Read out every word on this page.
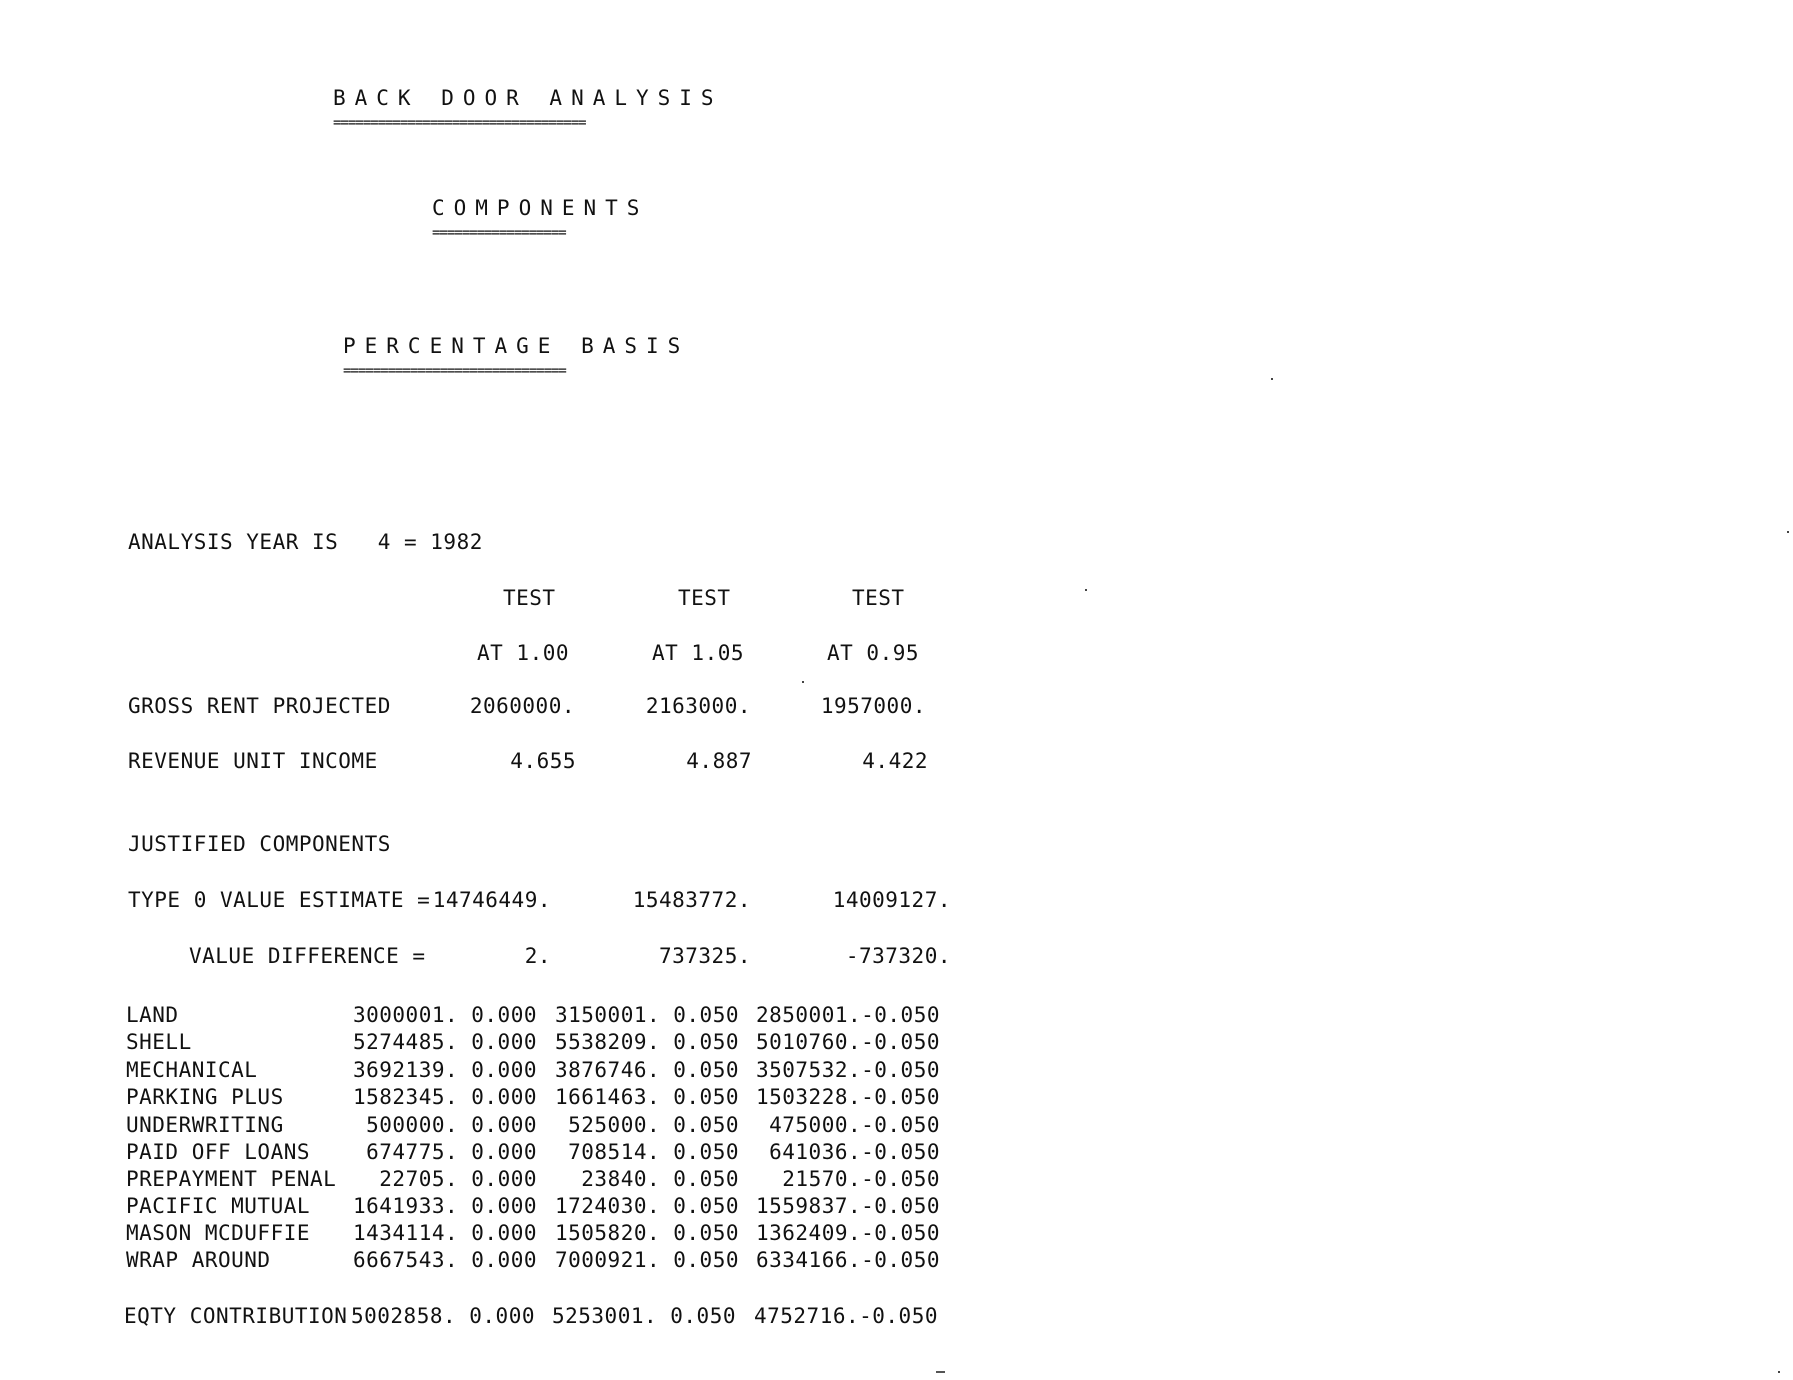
BACK DOOR ANALYSIS
==================================
COMPONENTS
==================
PERCENTAGE BASIS
==============================
ANALYSIS YEAR IS   4 = 1982
TEST	TEST	TEST
AT 1.00	AT 1.05	AT 0.95
GROSS RENT PROJECTED	2060000.	2163000.	1957000.
REVENUE UNIT INCOME	4.655	4.887	4.422
JUSTIFIED COMPONENTS
TYPE 0 VALUE ESTIMATE = 14746449.	15483772.	14009127.
VALUE DIFFERENCE =	2.	737325.	-737320.
LAND	3000001. 0.000 3150001. 0.050 2850001.-0.050
SHELL	5274485. 0.000 5538209. 0.050 5010760.-0.050
MECHANICAL	3692139. 0.000 3876746. 0.050 3507532.-0.050
PARKING PLUS	1582345. 0.000 1661463. 0.050 1503228.-0.050
UNDERWRITING	500000. 0.000	525000. 0.050	475000.-0.050
PAID OFF LOANS	674775. 0.000	708514. 0.050	641036.-0.050
PREPAYMENT PENAL	22705. 0.000	23840. 0.050	21570.-0.050
PACIFIC MUTUAL	1641933. 0.000 1724030. 0.050 1559837.-0.050
MASON MCDUFFIE	1434114. 0.000 1505820. 0.050 1362409.-0.050
WRAP AROUND	6667543. 0.000 7000921. 0.050 6334166.-0.050
EQTY CONTRIBUTION 5002858. 0.000 5253001. 0.050 4752716.-0.050
